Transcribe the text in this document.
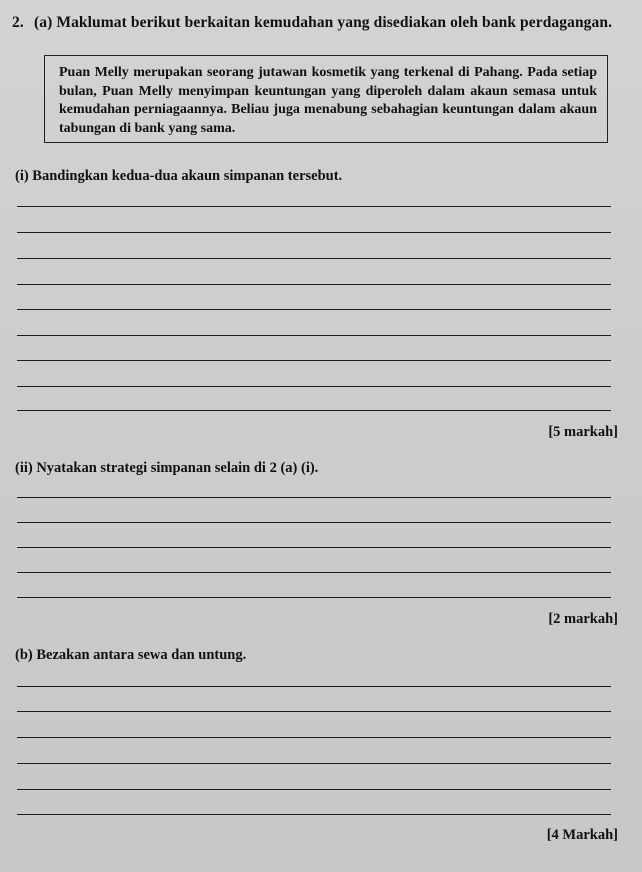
2. (a) Maklumat berikut berkaitan kemudahan yang disediakan oleh bank perdagangan.
Puan Melly merupakan seorang jutawan kosmetik yang terkenal di Pahang. Pada setiap bulan, Puan Melly menyimpan keuntungan yang diperoleh dalam akaun semasa untuk kemudahan perniagaannya. Beliau juga menabung sebahagian keuntungan dalam akaun tabungan di bank yang sama.
(i) Bandingkan kedua-dua akaun simpanan tersebut.
[5 markah]
(ii) Nyatakan strategi simpanan selain di 2 (a) (i).
[2 markah]
(b) Bezakan antara sewa dan untung.
[4 Markah]
